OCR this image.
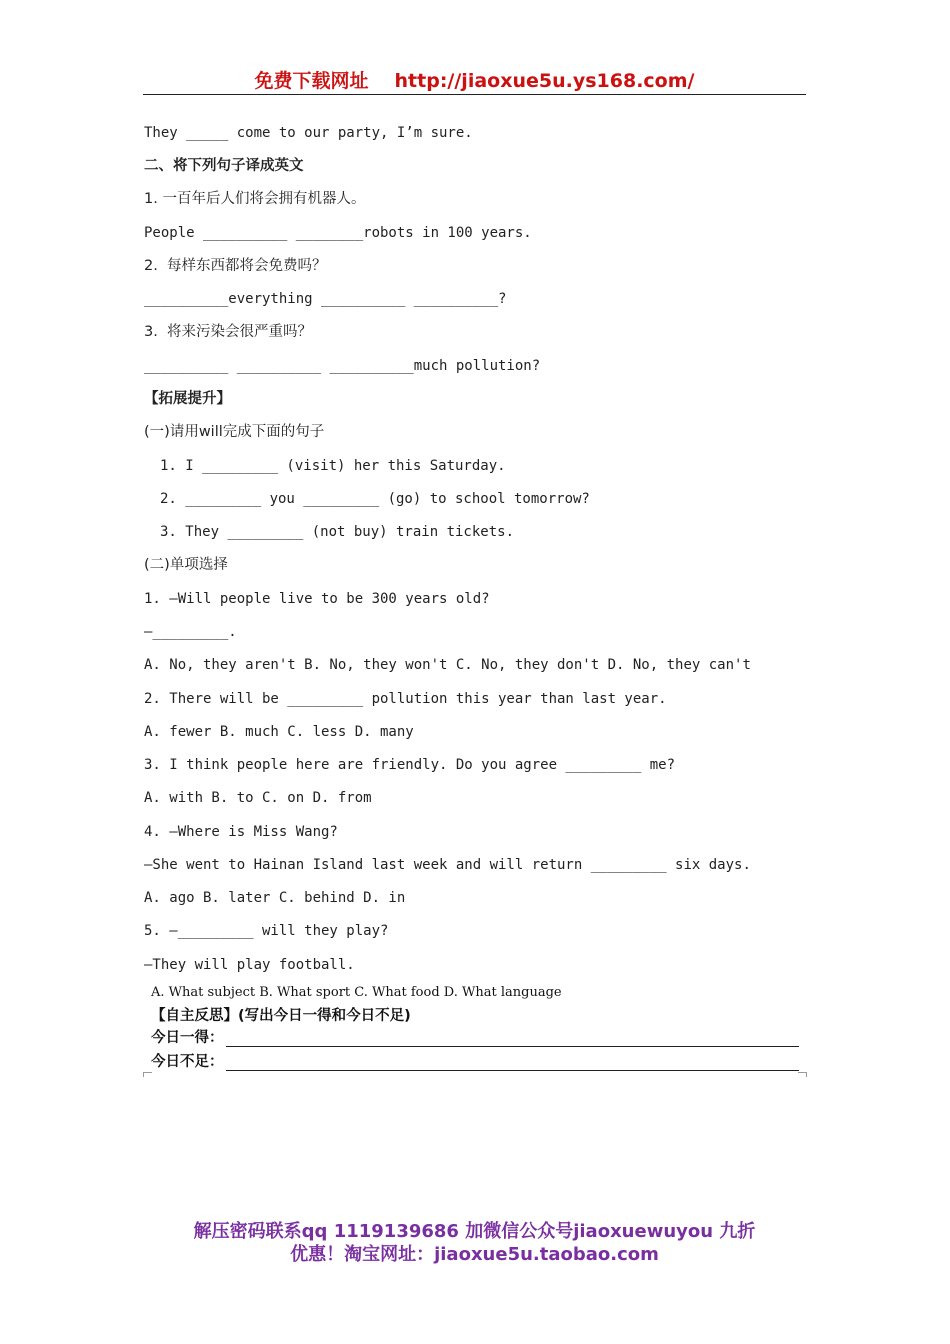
免费下载网址 http://jiaoxue5u.ys168.com/
They _____ come to our party, I’m sure.
二、将下列句子译成英文
1. 一百年后人们将会拥有机器人。
People __________ ________robots in 100 years.
2.  每样东西都将会免费吗？
__________everything __________ __________?
3.  将来污染会很严重吗？
__________ __________ __________much pollution?
【拓展提升】
(一)请用will完成下面的句子
1. I _________ (visit) her this Saturday.
2. _________ you _________ (go) to school tomorrow?
3. They _________ (not buy) train tickets.
(二)单项选择
1. —Will people live to be 300 years old?
—_________.
A. No, they aren't B. No, they won't C. No, they don't D. No, they can't
2. There will be _________ pollution this year than last year.
A. fewer B. much C. less D. many
3. I think people here are friendly. Do you agree _________ me?
A. with B. to C. on D. from
4. —Where is Miss Wang?
—She went to Hainan Island last week and will return _________ six days.
A. ago B. later C. behind D. in
5. —_________ will they play?
—They will play football.
A. What subject B. What sport C. What food D. What language
【自主反思】(写出今日一得和今日不足)
今日一得：
今日不足：
解压密码联系qq 1119139686 加微信公众号jiaoxuewuyou 九折
优惠！淘宝网址：jiaoxue5u.taobao.com
